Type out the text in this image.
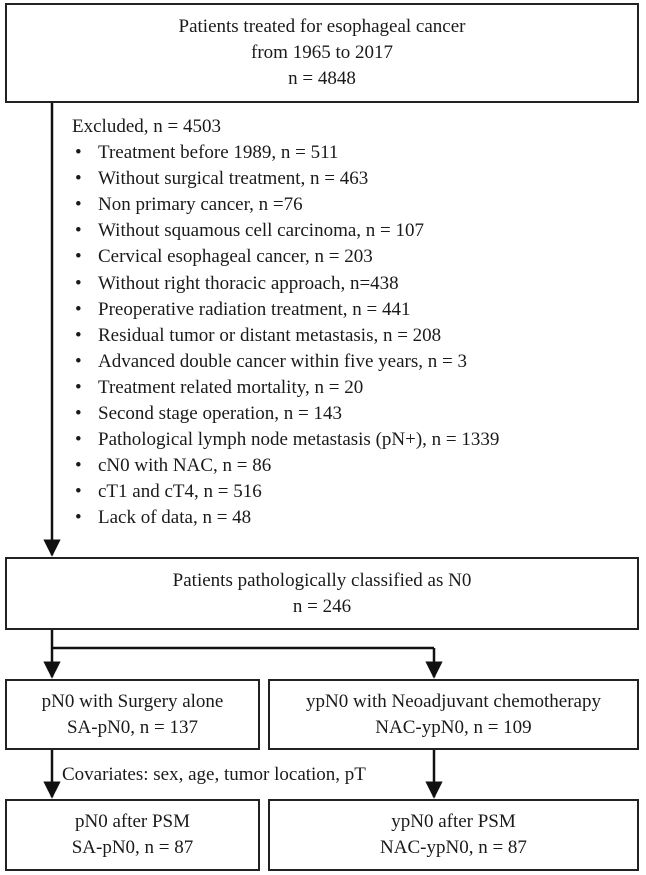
Patients treated for esophageal cancer
from 1965 to 2017
n = 4848
Excluded, n = 4503
• Treatment before 1989, n = 511
• Without surgical treatment, n = 463
• Non primary cancer, n =76
• Without squamous cell carcinoma, n = 107
• Cervical esophageal cancer, n = 203
• Without right thoracic approach, n=438
• Preoperative radiation treatment, n = 441
• Residual tumor or distant metastasis, n = 208
• Advanced double cancer within five years, n = 3
• Treatment related mortality, n = 20
• Second stage operation, n = 143
• Pathological lymph node metastasis (pN+), n = 1339
• cN0 with NAC, n = 86
• cT1 and cT4, n = 516
• Lack of data, n = 48
Patients pathologically classified as N0
n = 246
pN0 with Surgery alone
SA-pN0, n = 137
ypN0 with Neoadjuvant chemotherapy
NAC-ypN0, n = 109
Covariates: sex, age, tumor location, pT
pN0 after PSM
SA-pN0, n = 87
ypN0 after PSM
NAC-ypN0, n = 87
